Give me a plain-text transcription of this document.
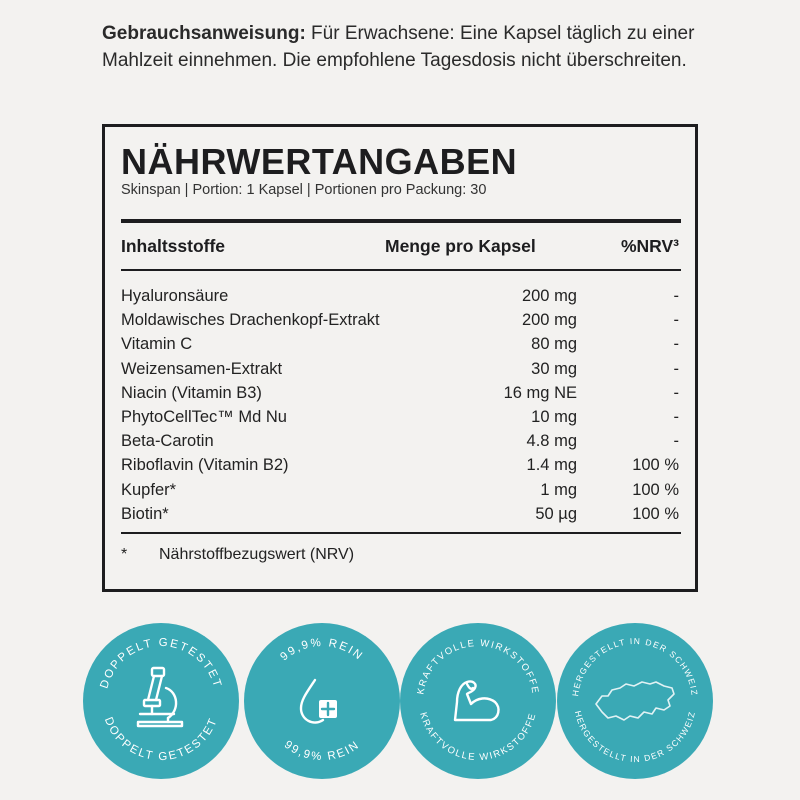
Gebrauchsanweisung: Für Erwachsene: Eine Kapsel täglich zu einer Mahlzeit einnehmen. Die empfohlene Tagesdosis nicht überschreiten.
NÄHRWERTANGABEN
Skinspan | Portion: 1 Kapsel | Portionen pro Packung: 30
Inhaltsstoffe	Menge pro Kapsel	%NRV³
Hyaluronsäure	200 mg	-
Moldawisches Drachenkopf-Extrakt	200 mg	-
Vitamin C	80 mg	-
Weizensamen-Extrakt	30 mg	-
Niacin (Vitamin B3)	16 mg NE	-
PhytoCellTec™ Md Nu	10 mg	-
Beta-Carotin	4.8 mg	-
Riboflavin (Vitamin B2)	1.4 mg	100 %
Kupfer*	1 mg	100 %
Biotin*	50 µg	100 %
* Nährstoffbezugswert (NRV)
DOPPELT GETESTET
DOPPELT GETESTET
99,9% REIN
99,9% REIN
KRAFTVOLLE WIRKSTOFFE
KRAFTVOLLE WIRKSTOFFE
HERGESTELLT IN DER SCHWEIZ
HERGESTELLT IN DER SCHWEIZ
